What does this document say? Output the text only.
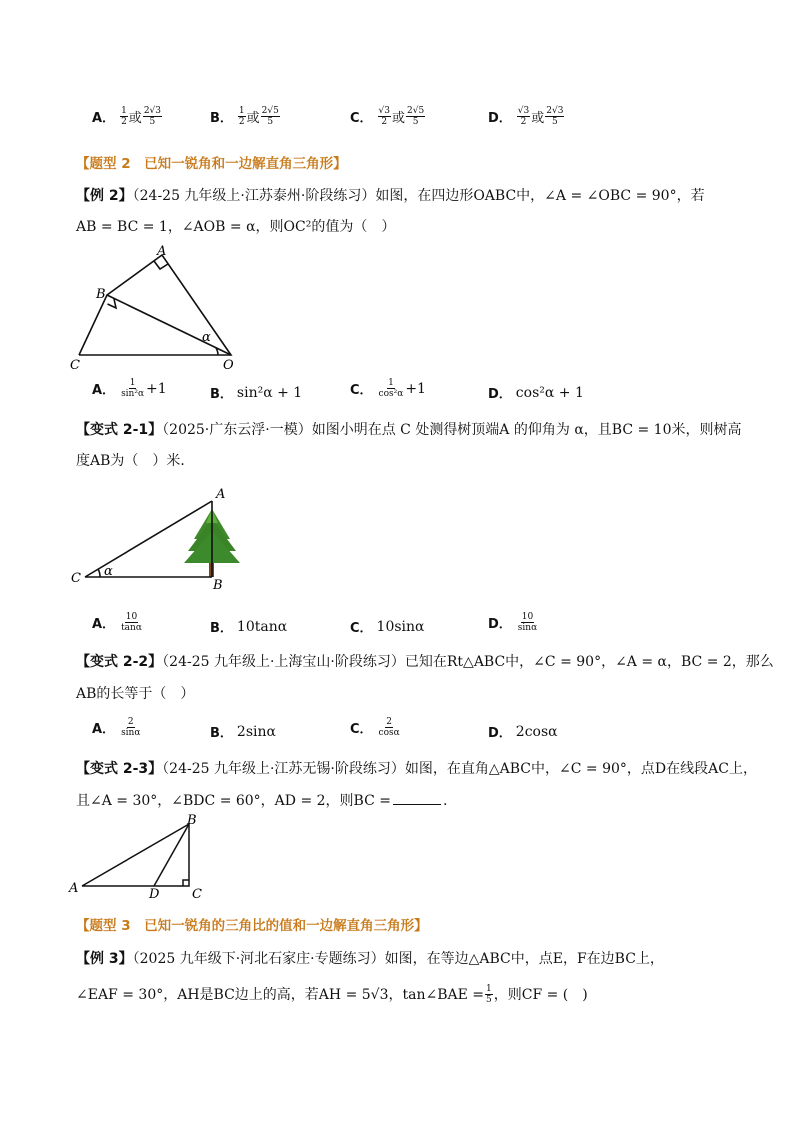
A． $\frac{1}{2}$ 或 $\frac{2√3}{5}$	B． $\frac{1}{2}$ 或 $\frac{2√5}{5}$	C． $\frac{√3}{2}$ 或 $\frac{2√5}{5}$	D． $\frac{√3}{2}$ 或 $\frac{2√3}{5}$
【题型 2　已知一锐角和一边解直角三角形】
【例 2】（24-25 九年级上·江苏泰州·阶段练习）如图，在四边形OABC中，∠A = ∠OBC = 90°，若
AB = BC = 1，∠AOB = α，则OC²的值为（　）
B
A
C	O
α
A． $\frac{1}{\text{sin²α}} +1$	B． sin²α + 1	C． $\frac{1}{\text{cos²α}} +1$	D． cos²α + 1
【变式 2-1】（2025·广东云浮·一模）如图小明在点 C 处测得树顶端A 的仰角为 α，且BC = 10米，则树高
度AB为（　）米．
A
B
C α
A． $\frac{10}{\tan\alpha}$	B． 10tanα	C． 10sinα	D． $\frac{10}{\sin\alpha}$
【变式 2-2】（24-25 九年级上·上海宝山·阶段练习）已知在Rt△ABC中，∠C = 90°，∠A = α，BC = 2，那么
AB的长等于（　）
A． $\frac{2}{\sin\alpha}$	B． 2sinα	C． $\frac{2}{\cos\alpha}$	D． 2cosα
【变式 2-3】（24-25 九年级上·江苏无锡·阶段练习）如图，在直角△ABC中，∠C = 90°，点D在线段AC上，
且∠A = 30°，∠BDC = 60°，AD = 2，则BC =	.
A
B
C
D
【题型 3　已知一锐角的三角比的值和一边解直角三角形】
【例 3】（2025 九年级下·河北石家庄·专题练习）如图，在等边△ABC中，点E，F在边BC上，
∠EAF = 30°，AH是BC边上的高，若AH = 5√3，tan∠BAE = $\frac{1}{5}$ ，则CF = (　)
